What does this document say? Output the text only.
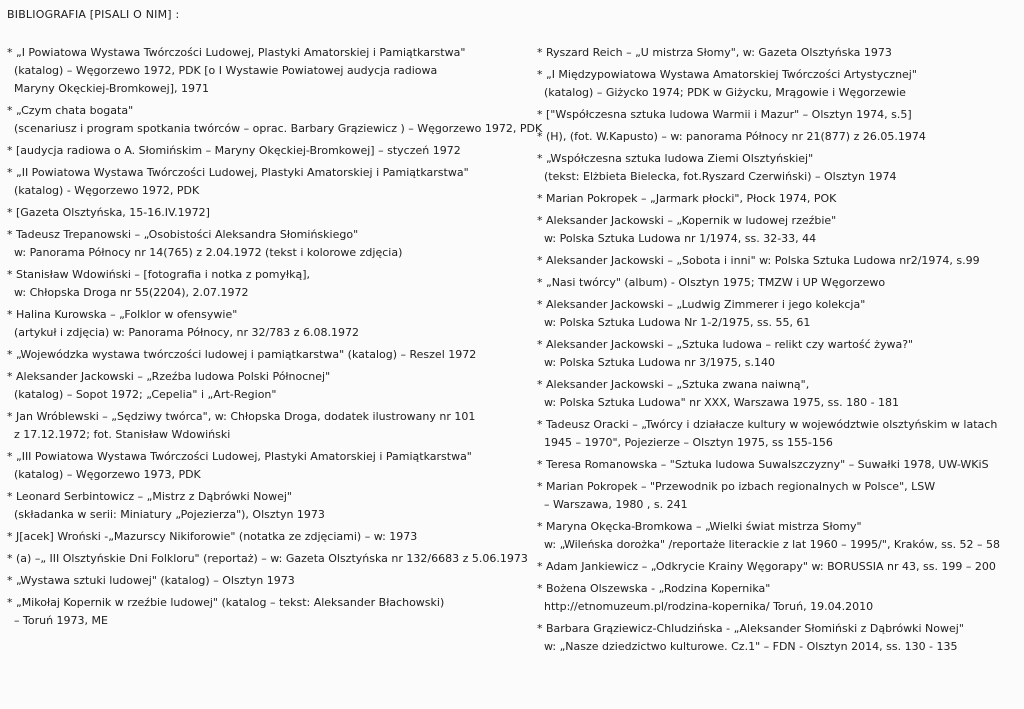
BIBLIOGRAFIA [PISALI O NIM] :
* „I Powiatowa Wystawa Twórczości Ludowej, Plastyki Amatorskiej i Pamiątkarstwa"
(katalog) – Węgorzewo 1972, PDK [o I Wystawie Powiatowej audycja radiowa
Maryny Okęckiej-Bromkowej], 1971
* „Czym chata bogata"
(scenariusz i program spotkania twórców – oprac. Barbary Grąziewicz ) – Węgorzewo 1972, PDK
* [audycja radiowa o A. Słomińskim – Maryny Okęckiej-Bromkowej] – styczeń 1972
* „II Powiatowa Wystawa Twórczości Ludowej, Plastyki Amatorskiej i Pamiątkarstwa"
(katalog) - Węgorzewo 1972, PDK
* [Gazeta Olsztyńska, 15-16.IV.1972]
* Tadeusz Trepanowski – „Osobistości Aleksandra Słomińskiego"
w: Panorama Północy nr 14(765) z 2.04.1972 (tekst i kolorowe zdjęcia)
* Stanisław Wdowiński – [fotografia i notka z pomyłką],
w: Chłopska Droga nr 55(2204), 2.07.1972
* Halina Kurowska – „Folklor w ofensywie"
(artykuł i zdjęcia) w: Panorama Północy, nr 32/783 z 6.08.1972
* „Wojewódzka wystawa twórczości ludowej i pamiątkarstwa" (katalog) – Reszel 1972
* Aleksander Jackowski – „Rzeźba ludowa Polski Północnej"
(katalog) – Sopot 1972; „Cepelia" i „Art-Region"
* Jan Wróblewski – „Sędziwy twórca", w: Chłopska Droga, dodatek ilustrowany nr 101
z 17.12.1972; fot. Stanisław Wdowiński
* „III Powiatowa Wystawa Twórczości Ludowej, Plastyki Amatorskiej i Pamiątkarstwa"
(katalog) – Węgorzewo 1973, PDK
* Leonard Serbintowicz – „Mistrz z Dąbrówki Nowej"
(składanka w serii: Miniatury „Pojezierza"), Olsztyn 1973
* J[acek] Wroński -„Mazurscy Nikiforowie" (notatka ze zdjęciami) – w: 1973
* (a) –„ III Olsztyńskie Dni Folkloru" (reportaż) – w: Gazeta Olsztyńska nr 132/6683 z 5.06.1973
* „Wystawa sztuki ludowej" (katalog) – Olsztyn 1973
* „Mikołaj Kopernik w rzeźbie ludowej" (katalog – tekst: Aleksander Błachowski)
– Toruń 1973, ME
* Ryszard Reich – „U mistrza Słomy", w: Gazeta Olsztyńska 1973
* „I Międzypowiatowa Wystawa Amatorskiej Twórczości Artystycznej"
(katalog) – Giżycko 1974; PDK w Giżycku, Mrągowie i Węgorzewie
* ["Współczesna sztuka ludowa Warmii i Mazur" – Olsztyn 1974, s.5]
* (H), (fot. W.Kapusto) – w: panorama Północy nr 21(877) z 26.05.1974
* „Współczesna sztuka ludowa Ziemi Olsztyńskiej"
(tekst: Elżbieta Bielecka, fot.Ryszard Czerwiński) – Olsztyn 1974
* Marian Pokropek – „Jarmark płocki", Płock 1974, POK
* Aleksander Jackowski – „Kopernik w ludowej rzeźbie"
w: Polska Sztuka Ludowa nr 1/1974, ss. 32-33, 44
* Aleksander Jackowski – „Sobota i inni" w: Polska Sztuka Ludowa nr2/1974, s.99
* „Nasi twórcy" (album) - Olsztyn 1975; TMZW i UP Węgorzewo
* Aleksander Jackowski – „Ludwig Zimmerer i jego kolekcja"
w: Polska Sztuka Ludowa Nr 1-2/1975, ss. 55, 61
* Aleksander Jackowski – „Sztuka ludowa – relikt czy wartość żywa?"
w: Polska Sztuka Ludowa nr 3/1975, s.140
* Aleksander Jackowski – „Sztuka zwana naiwną",
w: Polska Sztuka Ludowa" nr XXX, Warszawa 1975, ss. 180 - 181
* Tadeusz Oracki – „Twórcy i działacze kultury w województwie olsztyńskim w latach
1945 – 1970", Pojezierze – Olsztyn 1975, ss 155-156
* Teresa Romanowska – "Sztuka ludowa Suwalszczyzny" – Suwałki 1978, UW-WKiS
* Marian Pokropek – "Przewodnik po izbach regionalnych w Polsce", LSW
– Warszawa, 1980 , s. 241
* Maryna Okęcka-Bromkowa – „Wielki świat mistrza Słomy"
w: „Wileńska dorożka" /reportaże literackie z lat 1960 – 1995/", Kraków, ss. 52 – 58
* Adam Jankiewicz – „Odkrycie Krainy Węgorapy" w: BORUSSIA nr 43, ss. 199 – 200
* Bożena Olszewska - „Rodzina Kopernika"
http://etnomuzeum.pl/rodzina-kopernika/ Toruń, 19.04.2010
* Barbara Grąziewicz-Chludzińska - „Aleksander Słomiński z Dąbrówki Nowej"
w: „Nasze dziedzictwo kulturowe. Cz.1" – FDN - Olsztyn 2014, ss. 130 - 135
